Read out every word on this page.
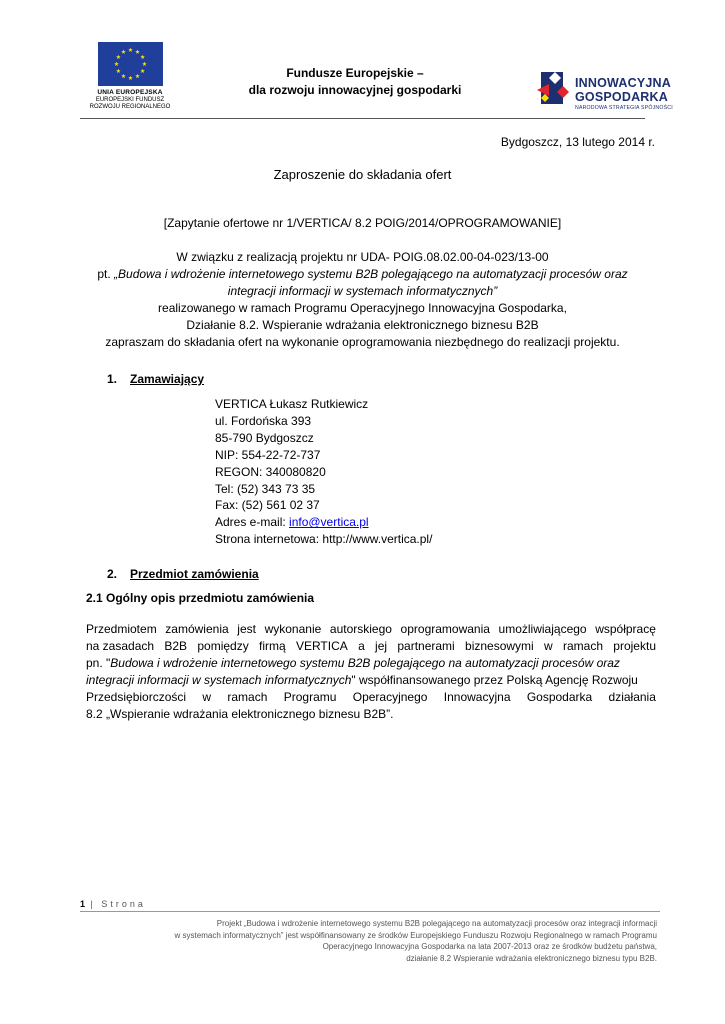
UNIA EUROPEJSKA
EUROPEJSKI FUNDUSZ
ROZWOJU REGIONALNEGO
Fundusze Europejskie –
dla rozwoju innowacyjnej gospodarki	INNOWACYJNA
GOSPODARKA
NARODOWA STRATEGIA SPÓJNOŚCI
Bydgoszcz, 13 lutego 2014 r.
Zaproszenie do składania ofert
[Zapytanie ofertowe nr 1/VERTICA/ 8.2 POIG/2014/OPROGRAMOWANIE]
W związku z realizacją projektu nr UDA- POIG.08.02.00-04-023/13-00
pt. „Budowa i wdrożenie internetowego systemu B2B polegającego na automatyzacji procesów oraz
integracji informacji w systemach informatycznych”
realizowanego w ramach Programu Operacyjnego Innowacyjna Gospodarka,
Działanie 8.2. Wspieranie wdrażania elektronicznego biznesu B2B
zapraszam do składania ofert na wykonanie oprogramowania niezbędnego do realizacji projektu.
1. Zamawiający
VERTICA Łukasz Rutkiewicz
ul. Fordońska 393
85-790 Bydgoszcz
NIP: 554-22-72-737
REGON: 340080820
Tel: (52) 343 73 35
Fax: (52) 561 02 37
Adres e-mail: info@vertica.pl
Strona internetowa: http://www.vertica.pl/
2. Przedmiot zamówienia
2.1 Ogólny opis przedmiotu zamówienia
Przedmiotem zamówienia jest wykonanie autorskiego oprogramowania umożliwiającego współpracę
na zasadach B2B pomiędzy firmą VERTICA a jej partnerami biznesowymi w ramach projektu
pn. " Budowa i wdrożenie internetowego systemu B2B polegającego na automatyzacji procesów oraz
integracji informacji w systemach informatycznych " współfinansowanego przez Polską Agencję Rozwoju
Przedsiębiorczości w ramach Programu Operacyjnego Innowacyjna Gospodarka działania
8.2 „Wspieranie wdrażania elektronicznego biznesu B2B”.
1 | Strona
Projekt „Budowa i wdrożenie internetowego systemu B2B polegającego na automatyzacji procesów oraz integracji informacji
w systemach informatycznych” jest współfinansowany ze środków Europejskiego Funduszu Rozwoju Regionalnego w ramach Programu
Operacyjnego Innowacyjna Gospodarka na lata 2007-2013 oraz ze środków budżetu państwa,
działanie 8.2 Wspieranie wdrażania elektronicznego biznesu typu B2B.
